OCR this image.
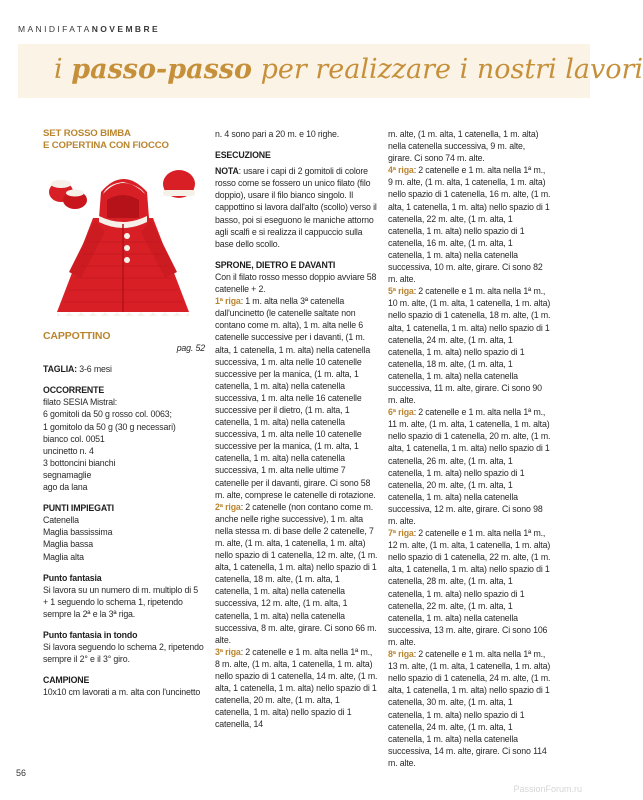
MANIDIFATANOVEMBRE
i passo-passo per realizzare i nostri lavori

SET ROSSO BIMBA

E COPERTINA CON FIOCCO

CAPPOTTINO

pag. 52

TAGLIA: 3-6 mesi

OCCORRENTE

filato SESIA Mistral:

6 gomitoli da 50 g rosso col. 0063;

1 gomitolo da 50 g (30 g necessari)

bianco col. 0051

uncinetto n. 4

3 bottoncini bianchi

segnamaglie

ago da lana

PUNTI IMPIEGATI

Catenella

Maglia bassissima

Maglia bassa

Maglia alta

Punto fantasia

Si lavora su un numero di m. multiplo di 5 + 1 seguendo lo schema 1, ripetendo sempre la 2ª e la 3ª riga.

Punto fantasia in tondo

Si lavora seguendo lo schema 2, ripetendo sempre il 2° e il 3° giro.

CAMPIONE

10x10 cm lavorati a m. alta con l'uncinetto

n. 4 sono pari a 20 m. e 10 righe.

ESECUZIONE

NOTA: usare i capi di 2 gomitoli di colore rosso come se fossero un unico filato (filo doppio), usare il filo bianco singolo. Il cappottino si lavora dall'alto (scollo) verso il basso, poi si eseguono le maniche attorno agli scalfi e si realizza il cappuccio sulla base dello scollo.

SPRONE, DIETRO E DAVANTI

Con il filato rosso messo doppio avviare 58 catenelle + 2.

1ª riga: 1 m. alta nella 3ª catenella dall'uncinetto (le catenelle saltate non contano come m. alta), 1 m. alta nelle 6 catenelle successive per i davanti, (1 m. alta, 1 catenella, 1 m. alta) nella catenella successiva, 1 m. alta nelle 10 catenelle successive per la manica, (1 m. alta, 1 catenella, 1 m. alta) nella catenella successiva, 1 m. alta nelle 16 catenelle successive per il dietro, (1 m. alta, 1 catenella, 1 m. alta) nella catenella successiva, 1 m. alta nelle 10 catenelle successive per la manica, (1 m. alta, 1 catenella, 1 m. alta) nella catenella successiva, 1 m. alta nelle ultime 7 catenelle per il davanti, girare. Ci sono 58 m. alte, comprese le catenelle di rotazione.

2ª riga: 2 catenelle (non contano come m. anche nelle righe successive), 1 m. alta nella stessa m. di base delle 2 catenelle, 7 m. alte, (1 m. alta, 1 catenella, 1 m. alta) nello spazio di 1 catenella, 12 m. alte, (1 m. alta, 1 catenella, 1 m. alta) nello spazio di 1 catenella, 18 m. alte, (1 m. alta, 1 catenella, 1 m. alta) nella catenella successiva, 12 m. alte, (1 m. alta, 1 catenella, 1 m. alta) nella catenella successiva, 8 m. alte, girare. Ci sono 66 m. alte.

3ª riga: 2 catenelle e 1 m. alta nella 1ª m., 8 m. alte, (1 m. alta, 1 catenella, 1 m. alta) nello spazio di 1 catenella, 14 m. alte, (1 m. alta, 1 catenella, 1 m. alta) nello spazio di 1 catenella, 20 m. alte, (1 m. alta, 1 catenella, 1 m. alta) nello spazio di 1 catenella, 14

m. alte, (1 m. alta, 1 catenella, 1 m. alta) nella catenella successiva, 9 m. alte, girare. Ci sono 74 m. alte.

4ª riga: 2 catenelle e 1 m. alta nella 1ª m., 9 m. alte, (1 m. alta, 1 catenella, 1 m. alta) nello spazio di 1 catenella, 16 m. alte, (1 m. alta, 1 catenella, 1 m. alta) nello spazio di 1 catenella, 22 m. alte, (1 m. alta, 1 catenella, 1 m. alta) nello spazio di 1 catenella, 16 m. alte, (1 m. alta, 1 catenella, 1 m. alta) nella catenella successiva, 10 m. alte, girare. Ci sono 82 m. alte.

5ª riga: 2 catenelle e 1 m. alta nella 1ª m., 10 m. alte, (1 m. alta, 1 catenella, 1 m. alta) nello spazio di 1 catenella, 18 m. alte, (1 m. alta, 1 catenella, 1 m. alta) nello spazio di 1 catenella, 24 m. alte, (1 m. alta, 1 catenella, 1 m. alta) nello spazio di 1 catenella, 18 m. alte, (1 m. alta, 1 catenella, 1 m. alta) nella catenella successiva, 11 m. alte, girare. Ci sono 90 m. alte.

6ª riga: 2 catenelle e 1 m. alta nella 1ª m., 11 m. alte, (1 m. alta, 1 catenella, 1 m. alta) nello spazio di 1 catenella, 20 m. alte, (1 m. alta, 1 catenella, 1 m. alta) nello spazio di 1 catenella, 26 m. alte, (1 m. alta, 1 catenella, 1 m. alta) nello spazio di 1 catenella, 20 m. alte, (1 m. alta, 1 catenella, 1 m. alta) nella catenella successiva, 12 m. alte, girare. Ci sono 98 m. alte.

7ª riga: 2 catenelle e 1 m. alta nella 1ª m., 12 m. alte, (1 m. alta, 1 catenella, 1 m. alta) nello spazio di 1 catenella, 22 m. alte, (1 m. alta, 1 catenella, 1 m. alta) nello spazio di 1 catenella, 28 m. alte, (1 m. alta, 1 catenella, 1 m. alta) nello spazio di 1 catenella, 22 m. alte, (1 m. alta, 1 catenella, 1 m. alta) nella catenella successiva, 13 m. alte, girare. Ci sono 106 m. alte.

8ª riga: 2 catenelle e 1 m. alta nella 1ª m., 13 m. alte, (1 m. alta, 1 catenella, 1 m. alta) nello spazio di 1 catenella, 24 m. alte, (1 m. alta, 1 catenella, 1 m. alta) nello spazio di 1 catenella, 30 m. alte, (1 m. alta, 1 catenella, 1 m. alta) nello spazio di 1 catenella, 24 m. alte, (1 m. alta, 1 catenella, 1 m. alta) nella catenella successiva, 14 m. alte, girare. Ci sono 114 m. alte.

56
PassionForum.ru
